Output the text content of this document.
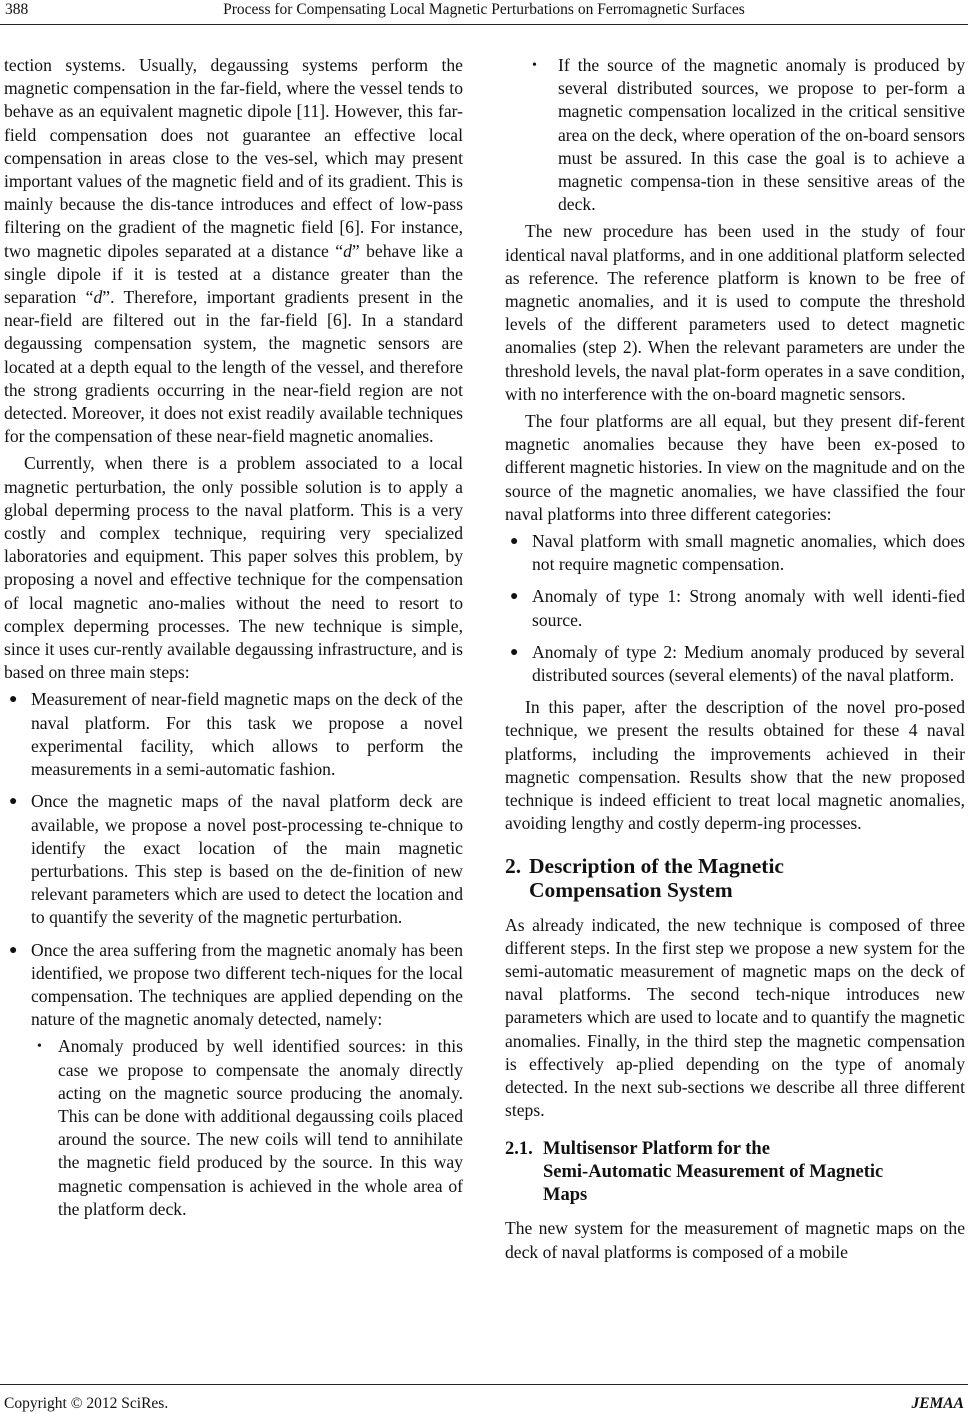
388	Process for Compensating Local Magnetic Perturbations on Ferromagnetic Surfaces

tection systems. Usually, degaussing systems perform the magnetic compensation in the far-field, where the vessel tends to behave as an equivalent magnetic dipole [11]. However, this far-field compensation does not guarantee an effective local compensation in areas close to the ves-sel, which may present important values of the magnetic field and of its gradient. This is mainly because the dis-tance introduces and effect of low-pass filtering on the gradient of the magnetic field [6]. For instance, two magnetic dipoles separated at a distance “d” behave like a single dipole if it is tested at a distance greater than the separation “d”. Therefore, important gradients present in the near-field are filtered out in the far-field [6]. In a standard degaussing compensation system, the magnetic sensors are located at a depth equal to the length of the vessel, and therefore the strong gradients occurring in the near-field region are not detected. Moreover, it does not exist readily available techniques for the compensation of these near-field magnetic anomalies.

Currently, when there is a problem associated to a local magnetic perturbation, the only possible solution is to apply a global deperming process to the naval platform. This is a very costly and complex technique, requiring very specialized laboratories and equipment. This paper solves this problem, by proposing a novel and effective technique for the compensation of local magnetic ano-malies without the need to resort to complex deperming processes. The new technique is simple, since it uses cur-rently available degaussing infrastructure, and is based on three main steps:

● Measurement of near-field magnetic maps on the deck of the naval platform. For this task we propose a novel experimental facility, which allows to perform the measurements in a semi-automatic fashion.
● Once the magnetic maps of the naval platform deck are available, we propose a novel post-processing te-chnique to identify the exact location of the main magnetic perturbations. This step is based on the de-finition of new relevant parameters which are used to detect the location and to quantify the severity of the magnetic perturbation.
● Once the area suffering from the magnetic anomaly has been identified, we propose two different tech-niques for the local compensation. The techniques are applied depending on the nature of the magnetic anomaly detected, namely:
• Anomaly produced by well identified sources: in this case we propose to compensate the anomaly directly acting on the magnetic source producing the anomaly. This can be done with additional degaussing coils placed around the source. The new coils will tend to annihilate the magnetic field produced by the source. In this way magnetic compensation is achieved in the whole area of the platform deck.
• If the source of the magnetic anomaly is produced by several distributed sources, we propose to per-form a magnetic compensation localized in the critical sensitive area on the deck, where operation of the on-board sensors must be assured. In this case the goal is to achieve a magnetic compensa-tion in these sensitive areas of the deck.

The new procedure has been used in the study of four identical naval platforms, and in one additional platform selected as reference. The reference platform is known to be free of magnetic anomalies, and it is used to compute the threshold levels of the different parameters used to detect magnetic anomalies (step 2). When the relevant parameters are under the threshold levels, the naval plat-form operates in a save condition, with no interference with the on-board magnetic sensors.

The four platforms are all equal, but they present dif-ferent magnetic anomalies because they have been ex-posed to different magnetic histories. In view on the magnitude and on the source of the magnetic anomalies, we have classified the four naval platforms into three different categories:

● Naval platform with small magnetic anomalies, which does not require magnetic compensation.
● Anomaly of type 1: Strong anomaly with well identi-fied source.
● Anomaly of type 2: Medium anomaly produced by several distributed sources (several elements) of the naval platform.

In this paper, after the description of the novel pro-posed technique, we present the results obtained for these 4 naval platforms, including the improvements achieved in their magnetic compensation. Results show that the new proposed technique is indeed efficient to treat local magnetic anomalies, avoiding lengthy and costly deperm-ing processes.

2. Description of the Magnetic
Compensation System

As already indicated, the new technique is composed of three different steps. In the first step we propose a new system for the semi-automatic measurement of magnetic maps on the deck of naval platforms. The second tech-nique introduces new parameters which are used to locate and to quantify the magnetic anomalies. Finally, in the third step the magnetic compensation is effectively ap-plied depending on the type of anomaly detected. In the next sub-sections we describe all three different steps.

2.1. Multisensor Platform for the
Semi-Automatic Measurement of Magnetic
Maps

The new system for the measurement of magnetic maps on the deck of naval platforms is composed of a mobile

Copyright © 2012 SciRes.	JEMAA
